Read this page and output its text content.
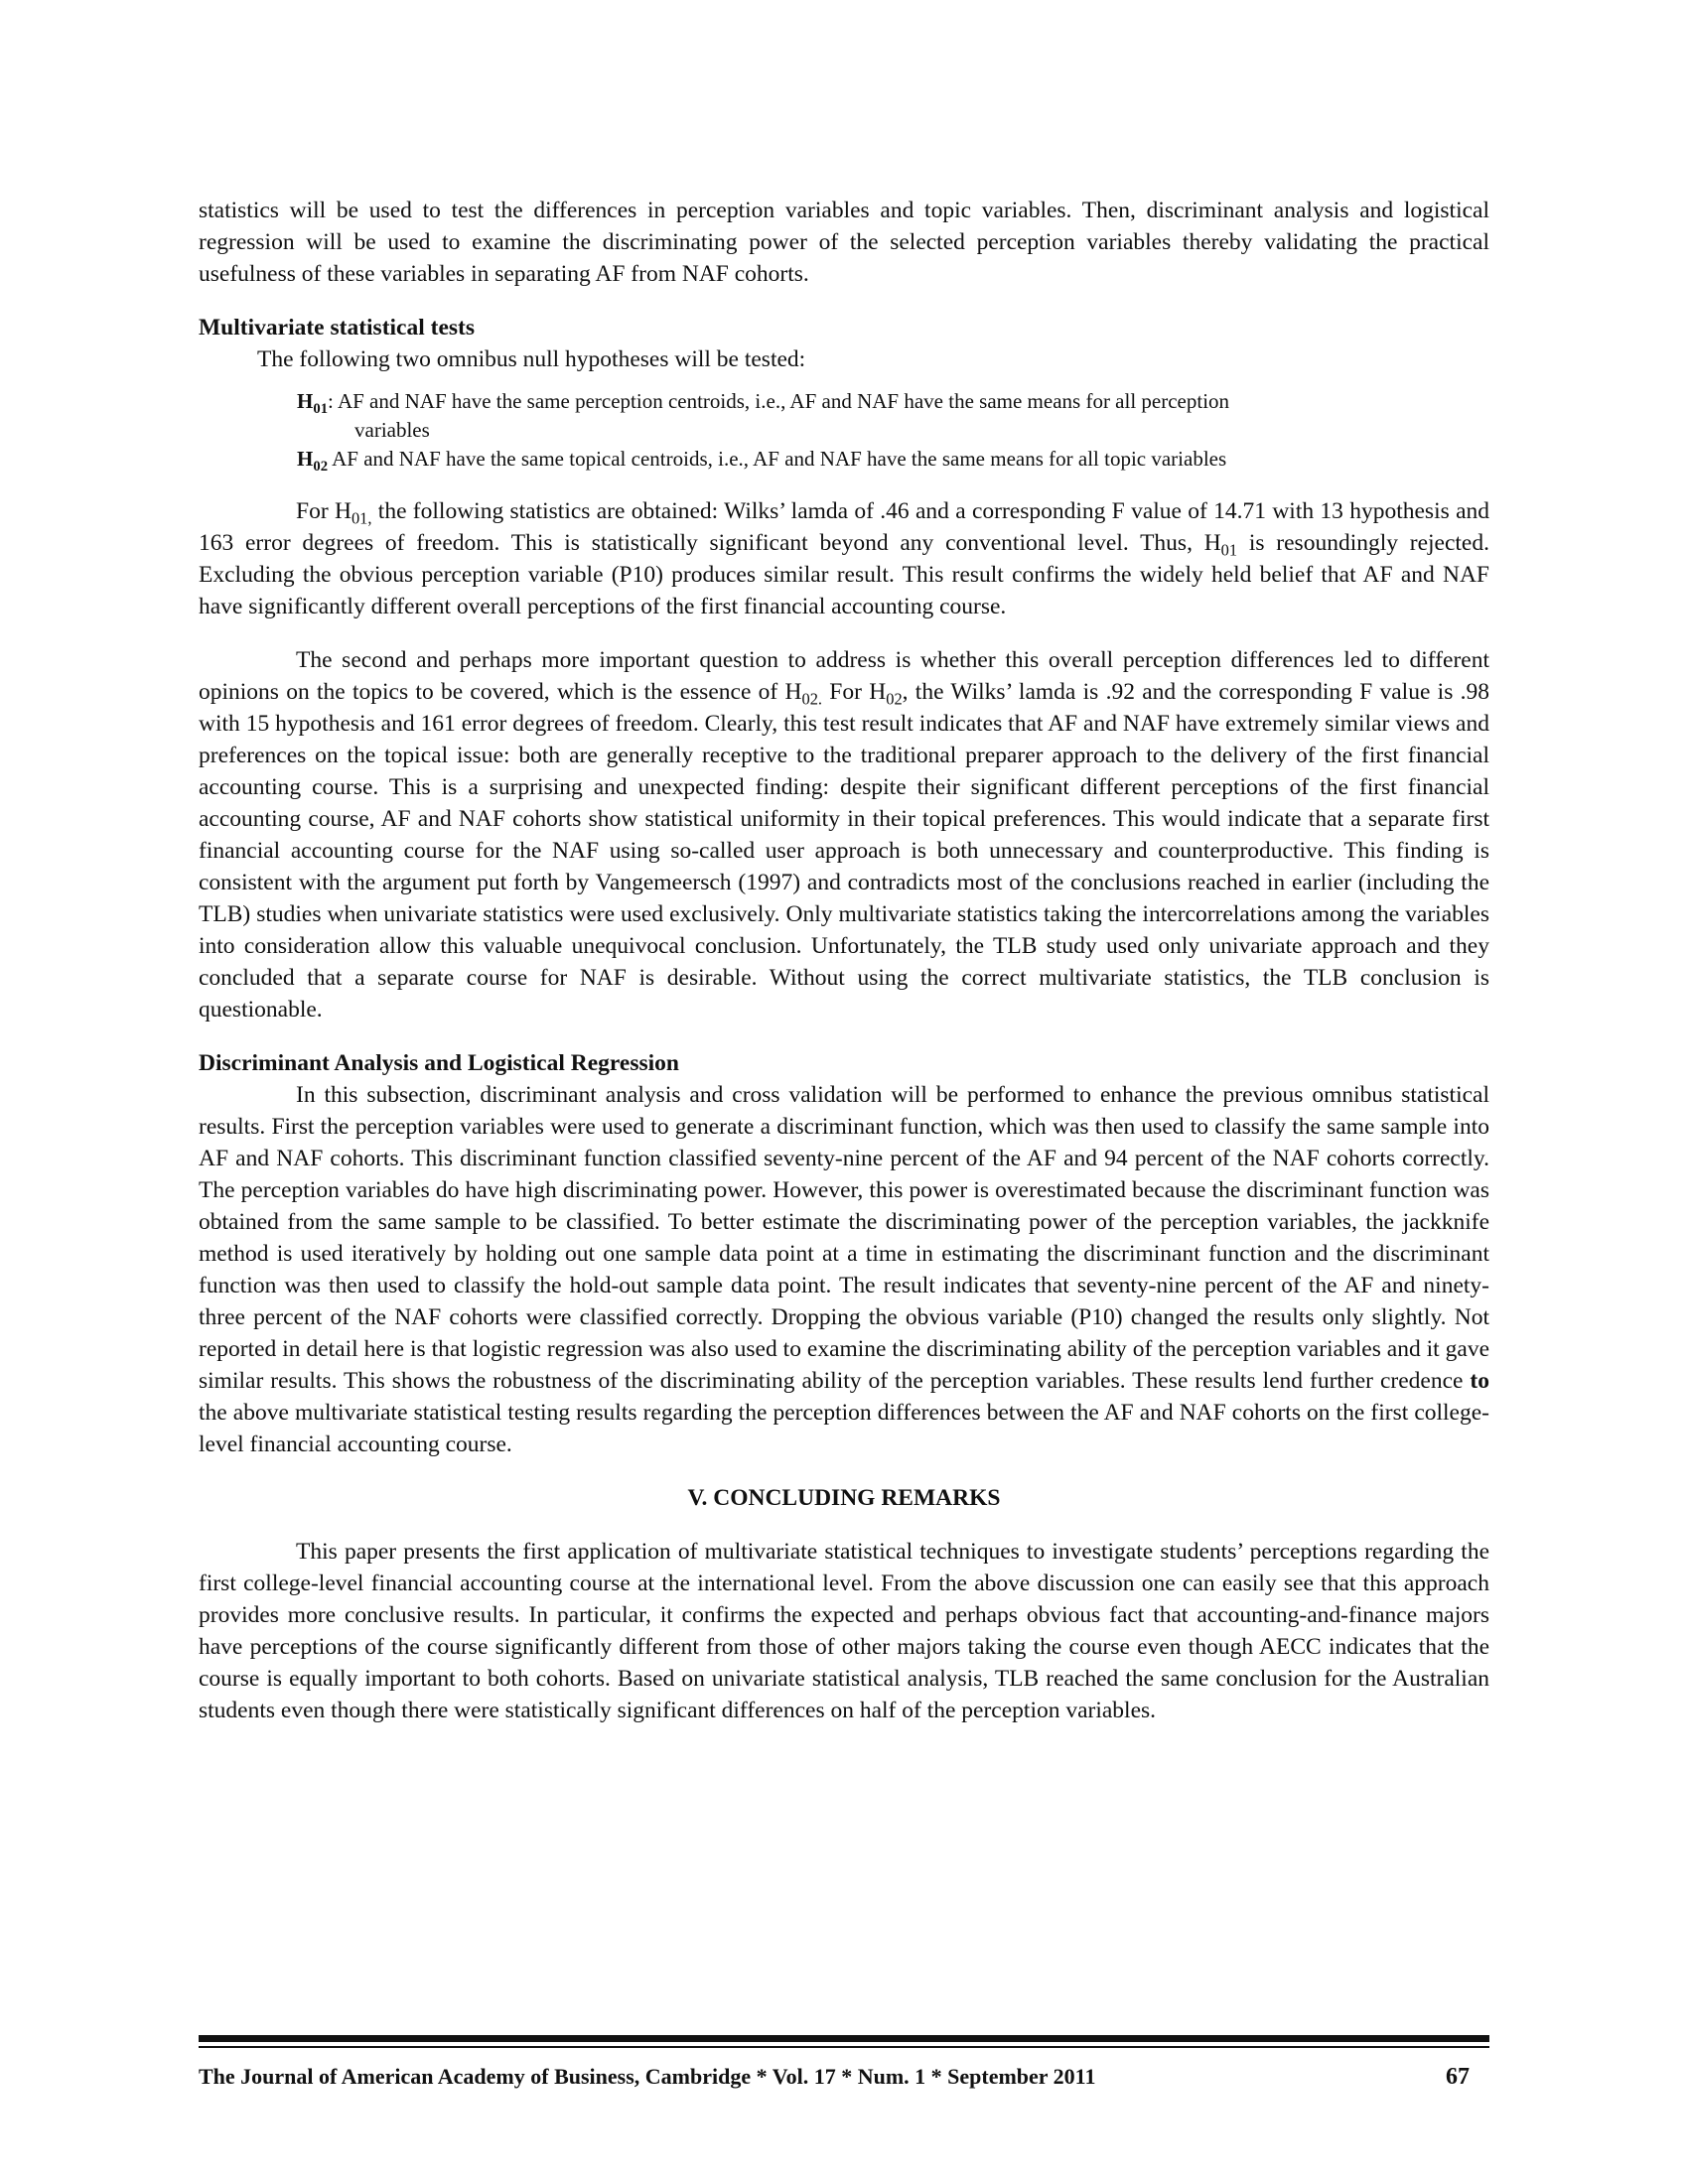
statistics will be used to test the differences in perception variables and topic variables. Then, discriminant analysis and logistical regression will be used to examine the discriminating power of the selected perception variables thereby validating the practical usefulness of these variables in separating AF from NAF cohorts.

Multivariate statistical tests

The following two omnibus null hypotheses will be tested:

$H_{01}$: AF and NAF have the same perception centroids, i.e., AF and NAF have the same means for all perception
variables
$H_{02}$ AF and NAF have the same topical centroids, i.e., AF and NAF have the same means for all topic variables

For $H_{01,}$ the following statistics are obtained: Wilks’ lamda of .46 and a corresponding F value of 14.71 with 13 hypothesis and 163 error degrees of freedom. This is statistically significant beyond any conventional level. Thus, $H_{01}$ is resoundingly rejected. Excluding the obvious perception variable (P10) produces similar result. This result confirms the widely held belief that AF and NAF have significantly different overall perceptions of the first financial accounting course.

The second and perhaps more important question to address is whether this overall perception differences led to different opinions on the topics to be covered, which is the essence of $H_{02.}$ For $H_{02}$, the Wilks’ lamda is .92 and the corresponding F value is .98 with 15 hypothesis and 161 error degrees of freedom. Clearly, this test result indicates that AF and NAF have extremely similar views and preferences on the topical issue: both are generally receptive to the traditional preparer approach to the delivery of the first financial accounting course. This is a surprising and unexpected finding: despite their significant different perceptions of the first financial accounting course, AF and NAF cohorts show statistical uniformity in their topical preferences. This would indicate that a separate first financial accounting course for the NAF using so-called user approach is both unnecessary and counterproductive. This finding is consistent with the argument put forth by Vangemeersch (1997) and contradicts most of the conclusions reached in earlier (including the TLB) studies when univariate statistics were used exclusively. Only multivariate statistics taking the intercorrelations among the variables into consideration allow this valuable unequivocal conclusion. Unfortunately, the TLB study used only univariate approach and they concluded that a separate course for NAF is desirable. Without using the correct multivariate statistics, the TLB conclusion is questionable.

Discriminant Analysis and Logistical Regression

In this subsection, discriminant analysis and cross validation will be performed to enhance the previous omnibus statistical results. First the perception variables were used to generate a discriminant function, which was then used to classify the same sample into AF and NAF cohorts. This discriminant function classified seventy-nine percent of the AF and 94 percent of the NAF cohorts correctly. The perception variables do have high discriminating power. However, this power is overestimated because the discriminant function was obtained from the same sample to be classified. To better estimate the discriminating power of the perception variables, the jackknife method is used iteratively by holding out one sample data point at a time in estimating the discriminant function and the discriminant function was then used to classify the hold-out sample data point. The result indicates that seventy-nine percent of the AF and ninety-three percent of the NAF cohorts were classified correctly. Dropping the obvious variable (P10) changed the results only slightly. Not reported in detail here is that logistic regression was also used to examine the discriminating ability of the perception variables and it gave similar results. This shows the robustness of the discriminating ability of the perception variables. These results lend further credence to the above multivariate statistical testing results regarding the perception differences between the AF and NAF cohorts on the first college-level financial accounting course.

V. CONCLUDING REMARKS

This paper presents the first application of multivariate statistical techniques to investigate students’ perceptions regarding the first college-level financial accounting course at the international level. From the above discussion one can easily see that this approach provides more conclusive results. In particular, it confirms the expected and perhaps obvious fact that accounting-and-finance majors have perceptions of the course significantly different from those of other majors taking the course even though AECC indicates that the course is equally important to both cohorts. Based on univariate statistical analysis, TLB reached the same conclusion for the Australian students even though there were statistically significant differences on half of the perception variables.

The Journal of American Academy of Business, Cambridge * Vol. 17 * Num. 1 * September 2011	67
